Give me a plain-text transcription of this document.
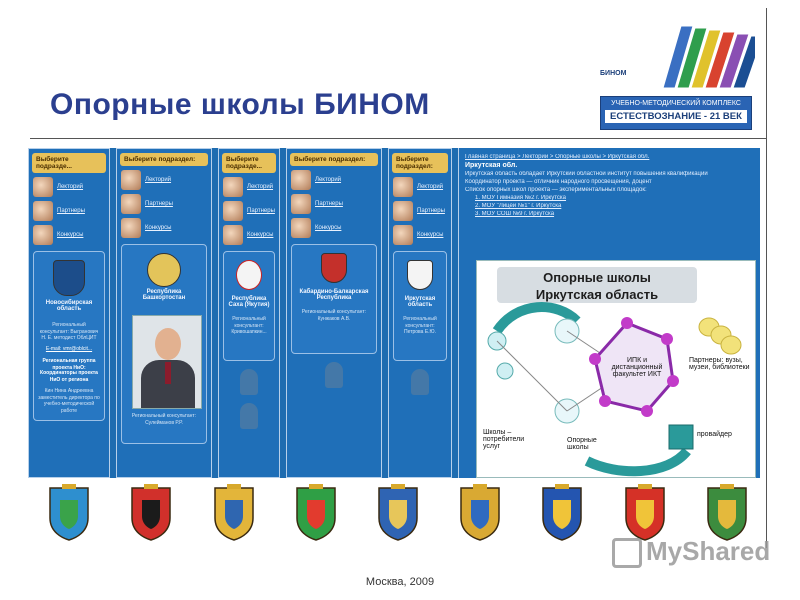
Опорные школы БИНОМ
БИНОМ
УЧЕБНО-МЕТОДИЧЕСКИЙ КОМПЛЕКС
ЕСТЕСТВОЗНАНИЕ - 21 ВЕК
Выберите подразде...
Лекторий
Партнеры
Конкурсы
Новосибирская область
Региональный консультант: Выгранович Н. Е. методист ОблЦИТ
E-mail: vmr@oblcit...
Региональная группа проекта НиО:
Координаторы проекта НиО от региона
Кин Нина Андреевна заместитель директора по учебно-методической работе
Выберите подраздел:
Лекторий
Партнеры
Конкурсы
Республика Башкортостан
Региональный консультант: Сулейманов Р.Р.
Выберите подразде...
Лекторий
Партнеры
Конкурсы
Республика Саха (Якутия)
Региональный консультант: Кривошапкин...
Выберите подраздел:
Лекторий
Партнеры
Конкурсы
Кабардино-Балкарская Республика
Региональный консультант: Кунжаков А.В.
Выберите подраздел:
Лекторий
Партнеры
Конкурсы
Иркутская область
Региональный консультант: Петрова Е.Ю.
Главная страница > Лекторий > Опорные школы > Иркутская обл.
Иркутская обл.
Иркутская область обладает Иркутский областной институт повышения квалификации
Координатор проекта — отличник народного просвещения, доцент
Список опорных школ проекта — экспериментальных площадок:
1. МОУ Гимназия №2 г. Иркутска
2. МОУ "Лицей №1" г. Иркутска
3. МОУ СОШ №9 г. Иркутска
Опорные школы
Иркутская область
ИПК и дистанционный факультет ИКТ
Партнеры: вузы, музеи, библиотеки
Школы – потребители услуг
Опорные школы
провайдер
MyShared
Москва, 2009
